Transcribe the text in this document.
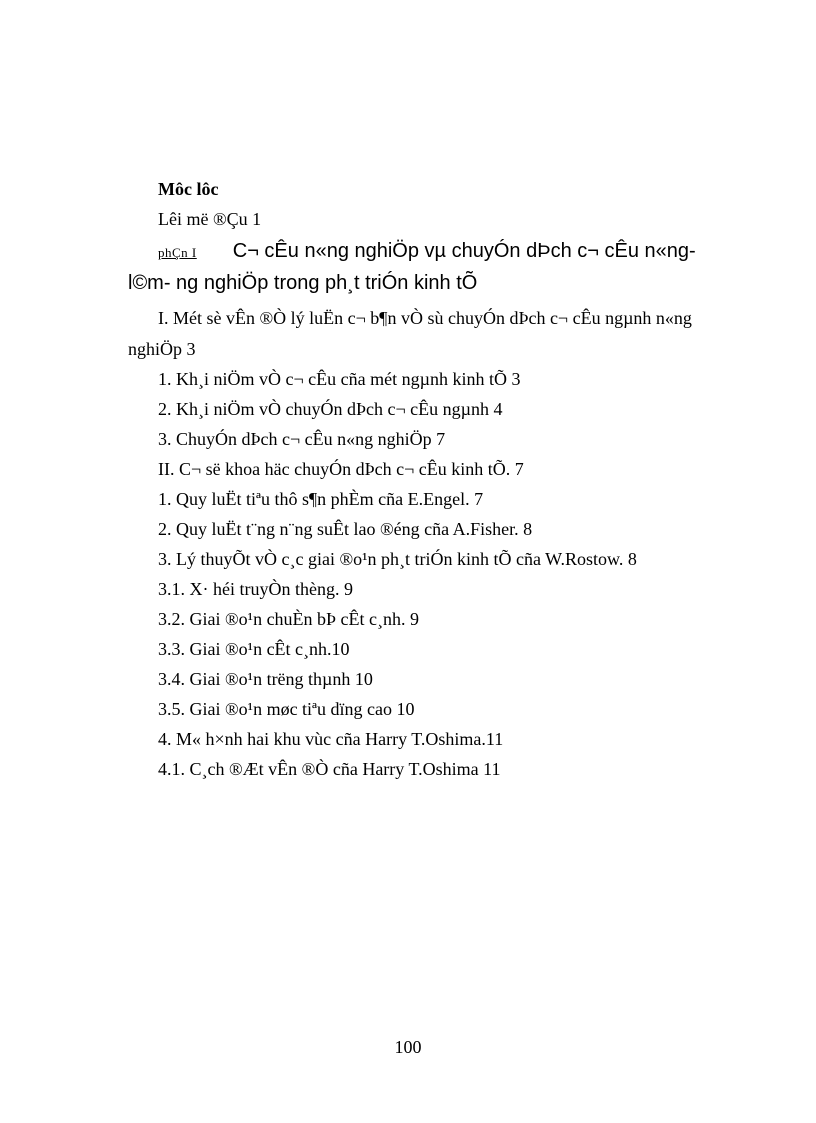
Môc lôc
Lêi më ®Çu 1
phÇn I C¬ cÊu n«ng nghiÖp vµ chuyÓn dÞch c¬ cÊu n«ng-
l©m- ng nghiÖp trong ph¸t triÓn kinh tÕ
I. Mét sè vÊn ®Ò lý luËn c¬ b¶n vÒ sù chuyÓn dÞch c¬ cÊu ngµnh n«ng
nghiÖp 3
1. Kh¸i niÖm vÒ c¬ cÊu cña mét ngµnh kinh tÕ 3
2. Kh¸i niÖm vÒ chuyÓn dÞch c¬ cÊu ngµnh 4
3. ChuyÓn dÞch c¬ cÊu n«ng nghiÖp 7
II. C¬ së khoa häc chuyÓn dÞch c¬ cÊu kinh tÕ. 7
1. Quy luËt tiªu thô s¶n phÈm cña E.Engel. 7
2. Quy luËt t¨ng n¨ng suÊt lao ®éng cña A.Fisher. 8
3. Lý thuyÕt vÒ c¸c giai ®o¹n ph¸t triÓn kinh tÕ cña W.Rostow. 8
3.1. X· héi truyÒn thèng. 9
3.2. Giai ®o¹n chuÈn bÞ cÊt c¸nh. 9
3.3. Giai ®o¹n cÊt c¸nh.10
3.4. Giai ®o¹n trëng thµnh 10
3.5. Giai ®o¹n møc tiªu dïng cao 10
4. M« h×nh hai khu vùc cña Harry T.Oshima.11
4.1. C¸ch ®Æt vÊn ®Ò cña Harry T.Oshima 11
100
